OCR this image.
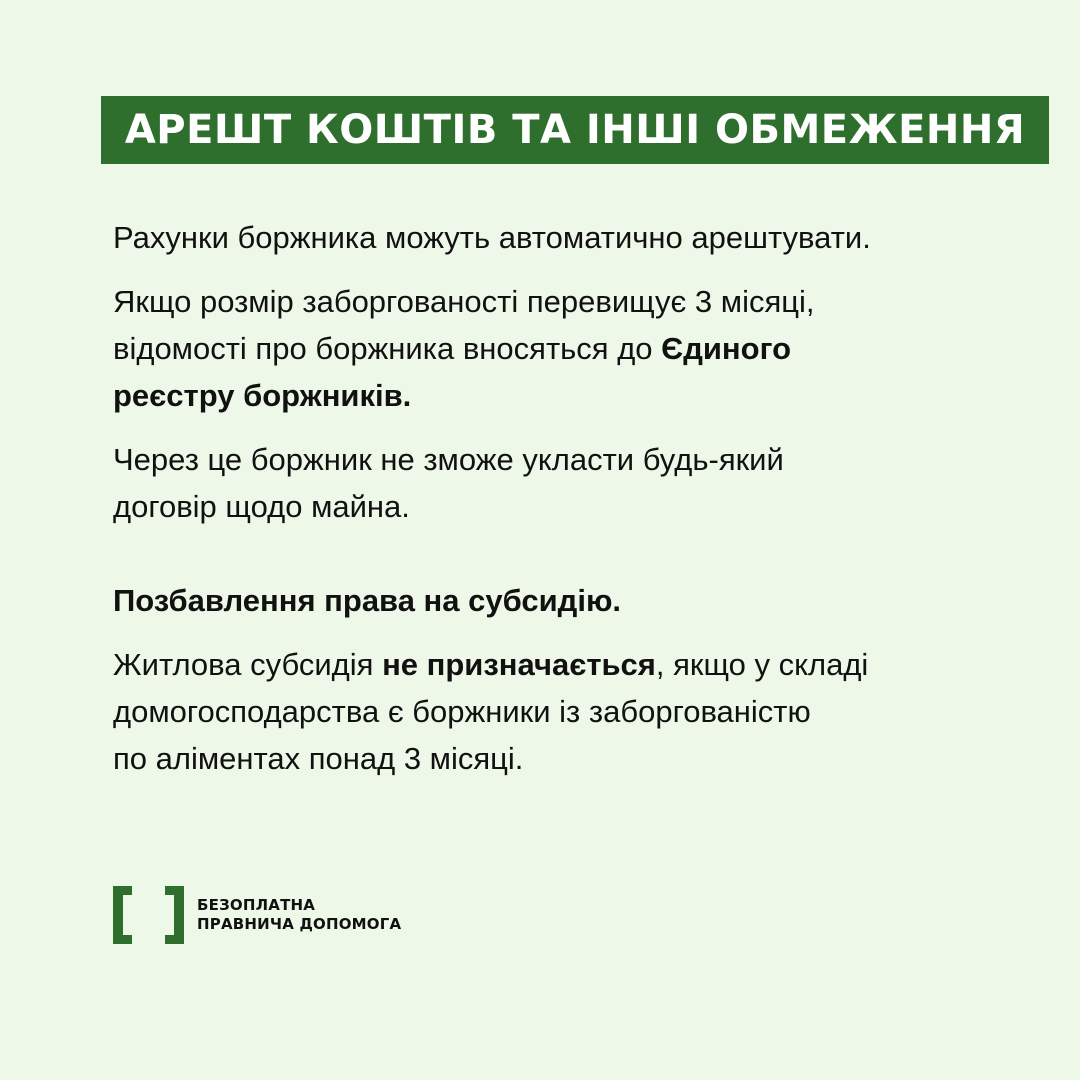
АРЕШТ КОШТІВ ТА ІНШІ ОБМЕЖЕННЯ

Рахунки боржника можуть автоматично арештувати.

Якщо розмір заборгованості перевищує 3 місяці,
відомості про боржника вносяться до Єдиного
реєстру боржників.

Через це боржник не зможе укласти будь-який
договір щодо майна.

Позбавлення права на субсидію.

Житлова субсидія не призначається, якщо у складі
домогосподарства є боржники із заборгованістю
по аліментах понад 3 місяці.

БЕЗОПЛАТНА
ПРАВНИЧА ДОПОМОГА
